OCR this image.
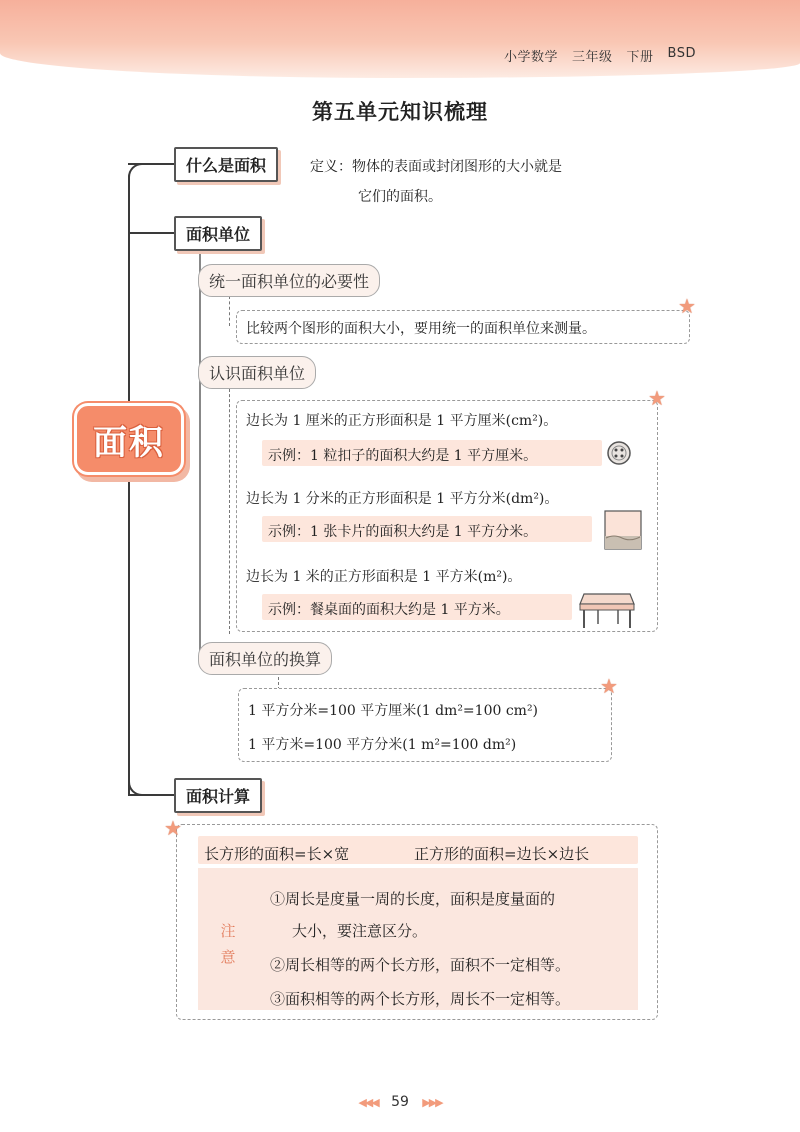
小学数学 三年级 下册 BSD
第五单元知识梳理
面积
什么是面积	定义：物体的表面或封闭图形的大小就是
它们的面积。
面积单位
统一面积单位的必要性
比较两个图形的面积大小，要用统一的面积单位来测量。
★
认识面积单位
★
边长为 1 厘米的正方形面积是 1 平方厘米(cm²)。
示例：1 粒扣子的面积大约是 1 平方厘米。
边长为 1 分米的正方形面积是 1 平方分米(dm²)。
示例：1 张卡片的面积大约是 1 平方分米。
边长为 1 米的正方形面积是 1 平方米(m²)。
示例：餐桌面的面积大约是 1 平方米。
面积单位的换算
★
1 平方分米=100 平方厘米(1 dm²=100 cm²)
1 平方米=100 平方分米(1 m²=100 dm²)
面积计算
★
长方形的面积=长×宽	正方形的面积=边长×边长
注意
①周长是度量一周的长度，面积是度量面的
大小，要注意区分。
②周长相等的两个长方形，面积不一定相等。
③面积相等的两个长方形，周长不一定相等。
◀◀◀ 59 ▶▶▶
